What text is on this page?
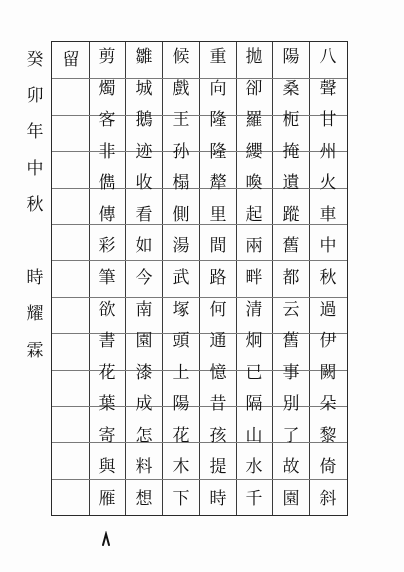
八
聲
甘
州
火
車
中
秋
過
伊
闕
朵
黎
倚
斜
陽
桑
枙
掩
遺
蹤
舊
都
云
舊
事
別
了
故
園
拋
卻
羅
纓
喚
起
兩
畔
清
炯
已
隔
山
水
千
重
向
隆
隆
犛
里
間
路
何
通
憶
昔
孩
提
時
候
戲
王
孙
榻
側
湯
武
塚
頭
上
陽
花
木
下
雛
城
鵝
迹
收
看
如
今
南
園
漆
成
怎
料
想
剪
燭
客
非
儁
傳
彩
筆
欲
書
花
葉
寄
與
雁
留
癸
卯
年
中
秋
時
耀
霖
